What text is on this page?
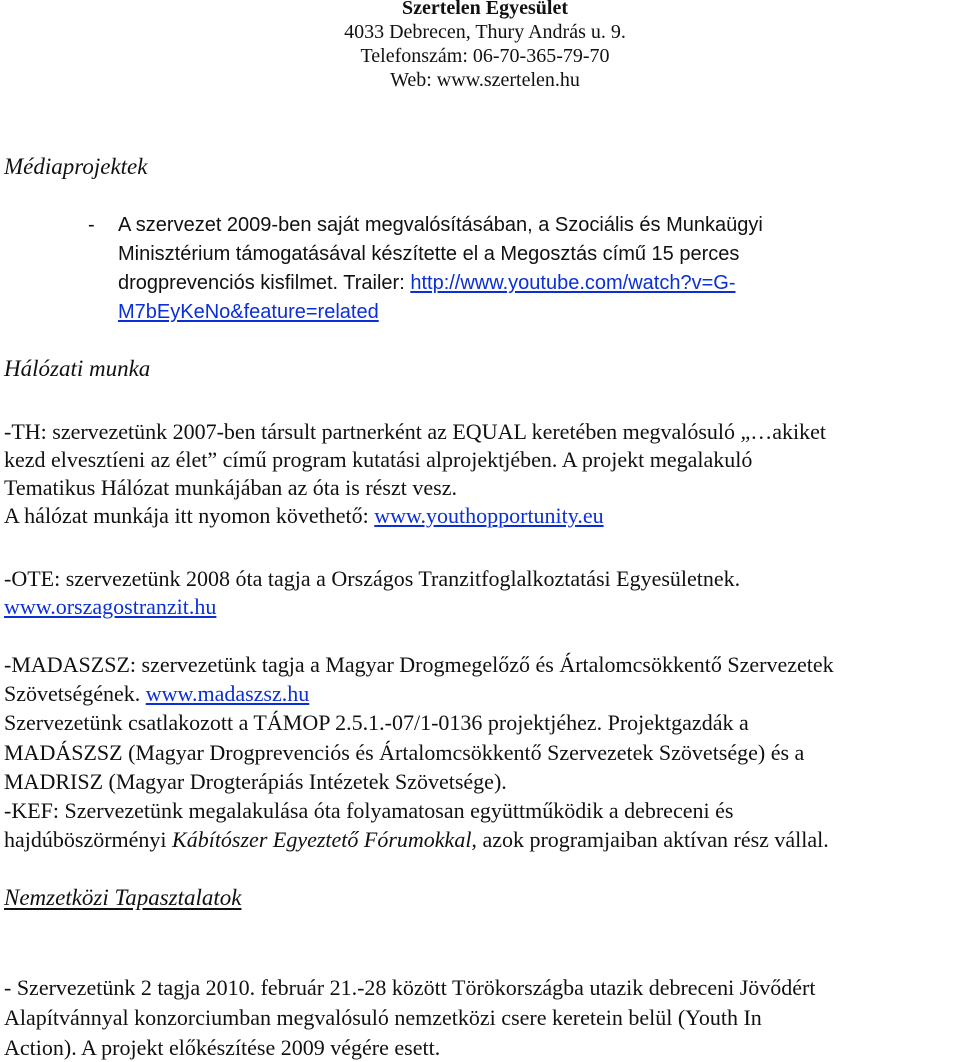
Szertelen Egyesület
4033 Debrecen, Thury András u. 9.
Telefonszám: 06-70-365-79-70
Web: www.szertelen.hu
Médiaprojektek
- A szervezet 2009-ben saját megvalósításában, a Szociális és Munkaügyi
Minisztérium támogatásával készítette el a Megosztás című 15 perces
drogprevenciós kisfilmet. Trailer: http://www.youtube.com/watch?v=G-
M7bEyKeNo&feature=related
Hálózati munka
-TH: szervezetünk 2007-ben társult partnerként az EQUAL keretében megvalósuló „…akiket
kezd elvesztíeni az élet” című program kutatási alprojektjében. A projekt megalakuló
Tematikus Hálózat munkájában az óta is részt vesz.
A hálózat munkája itt nyomon követhető: www.youthopportunity.eu
-OTE: szervezetünk 2008 óta tagja a Országos Tranzitfoglalkoztatási Egyesületnek.
www.orszagostranzit.hu
-MADASZSZ: szervezetünk tagja a Magyar Drogmegelőző és Ártalomcsökkentő Szervezetek
Szövetségének. www.madaszsz.hu
Szervezetünk csatlakozott a TÁMOP 2.5.1.-07/1-0136 projektjéhez. Projektgazdák a
MADÁSZSZ (Magyar Drogprevenciós és Ártalomcsökkentő Szervezetek Szövetsége) és a
MADRISZ (Magyar Drogterápiás Intézetek Szövetsége).
-KEF: Szervezetünk megalakulása óta folyamatosan együttműködik a debreceni és
hajdúböszörményi Kábítószer Egyeztető Fórumokkal, azok programjaiban aktívan rész vállal.
Nemzetközi Tapasztalatok
- Szervezetünk 2 tagja 2010. február 21.-28 között Törökországba utazik debreceni Jövődért
Alapítvánnyal konzorciumban megvalósuló nemzetközi csere keretein belül (Youth In
Action). A projekt előkészítése 2009 végére esett.
